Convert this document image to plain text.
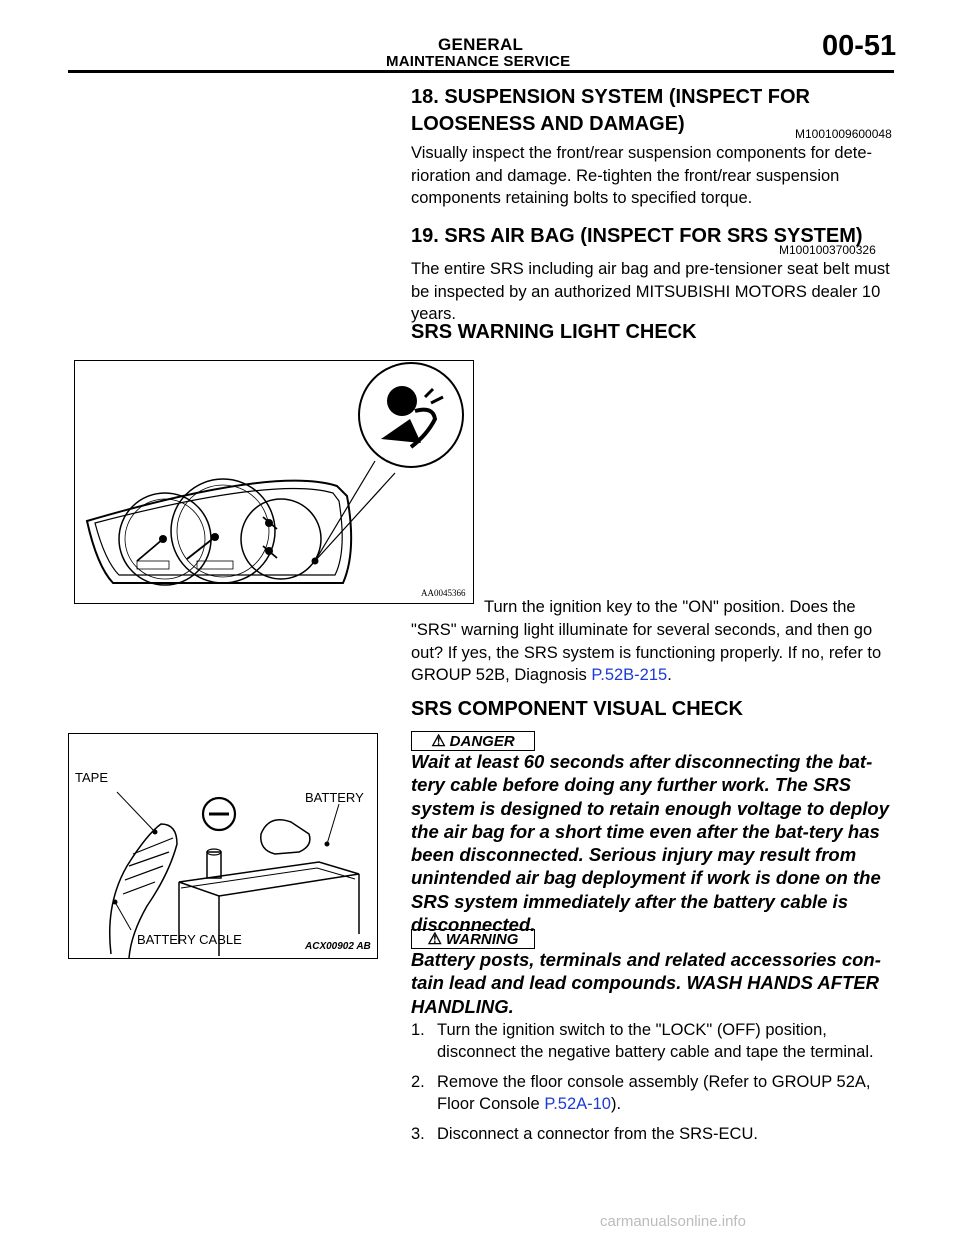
GENERAL
MAINTENANCE SERVICE	00-51
18. SUSPENSION SYSTEM (INSPECT FOR
LOOSENESS AND DAMAGE)	M1001009600048
Visually inspect the front/rear suspension components for dete-rioration and damage. Re-tighten the front/rear suspension components retaining bolts to specified torque.
19. SRS AIR BAG (INSPECT FOR SRS SYSTEM)
M1001003700326
The entire SRS including air bag and pre-tensioner seat belt must be inspected by an authorized MITSUBISHI MOTORS dealer 10 years.
SRS WARNING LIGHT CHECK
AA0045366
Turn the ignition key to the "ON" position. Does the
"SRS" warning light illuminate for several seconds, and then go out? If yes, the SRS system is functioning properly. If no, refer to GROUP 52B, Diagnosis P.52B-215.
SRS COMPONENT VISUAL CHECK
TAPE
BATTERY
BATTERY CABLE	ACX00902 AB
⚠ DANGER
Wait at least 60 seconds after disconnecting the bat-tery cable before doing any further work. The SRS system is designed to retain enough voltage to deploy the air bag for a short time even after the bat-tery has been disconnected. Serious injury may result from unintended air bag deployment if work is done on the SRS system immediately after the battery cable is disconnected.
⚠ WARNING
Battery posts, terminals and related accessories con-tain lead and lead compounds. WASH HANDS AFTER HANDLING.
1. Turn the ignition switch to the "LOCK" (OFF) position, disconnect the negative battery cable and tape the terminal.
2. Remove the floor console assembly (Refer to GROUP 52A, Floor Console P.52A-10).
3. Disconnect a connector from the SRS-ECU.
carmanualsonline.info
